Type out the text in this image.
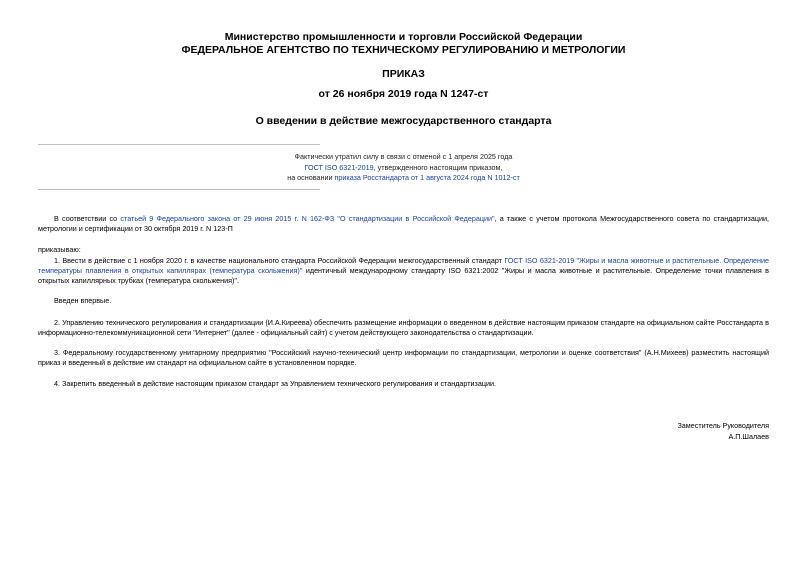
Министерство промышленности и торговли Российской Федерации
ФЕДЕРАЛЬНОЕ АГЕНТСТВО ПО ТЕХНИЧЕСКОМУ РЕГУЛИРОВАНИЮ И МЕТРОЛОГИИ
ПРИКАЗ
от 26 ноября 2019 года N 1247-ст
О введении в действие межгосударственного стандарта
Фактически утратил силу в связи с отменой с 1 апреля 2025 года
ГОСТ ISO 6321-2019, утвержденного настоящим приказом,
на основании приказа Росстандарта от 1 августа 2024 года N 1012-ст
В соответствии со статьей 9 Федерального закона от 29 июня 2015 г. N 162-ФЗ "О стандартизации в Российской Федерации", а также с учетом протокола Межгосударственного совета по стандартизации, метрологии и сертификации от 30 октября 2019 г. N 123-П
приказываю:
1. Ввести в действие с 1 ноября 2020 г. в качестве национального стандарта Российской Федерации межгосударственный стандарт ГОСТ ISO 6321-2019 "Жиры и масла животные и растительные. Определение температуры плавления в открытых капиллярах (температура скольжения)" идентичный международному стандарту ISO 6321:2002 "Жиры и масла животные и растительные. Определение точки плавления в открытых капиллярных трубках (температура скольжения)".
Введен впервые.
2. Управлению технического регулирования и стандартизации (И.А.Киреева) обеспечить размещение информации о введенном в действие настоящим приказом стандарте на официальном сайте Росстандарта в информационно-телекоммуникационной сети "Интернет" (далее - официальный сайт) с учетом действующего законодательства о стандартизации.
3. Федеральному государственному унитарному предприятию "Российский научно-технический центр информации по стандартизации, метрологии и оценке соответствия" (А.Н.Михеев) разместить настоящий приказ и введенный в действие им стандарт на официальном сайте в установленном порядке.
4. Закрепить введенный в действие настоящим приказом стандарт за Управлением технического регулирования и стандартизации.
Заместитель Руководителя
А.П.Шалаев
